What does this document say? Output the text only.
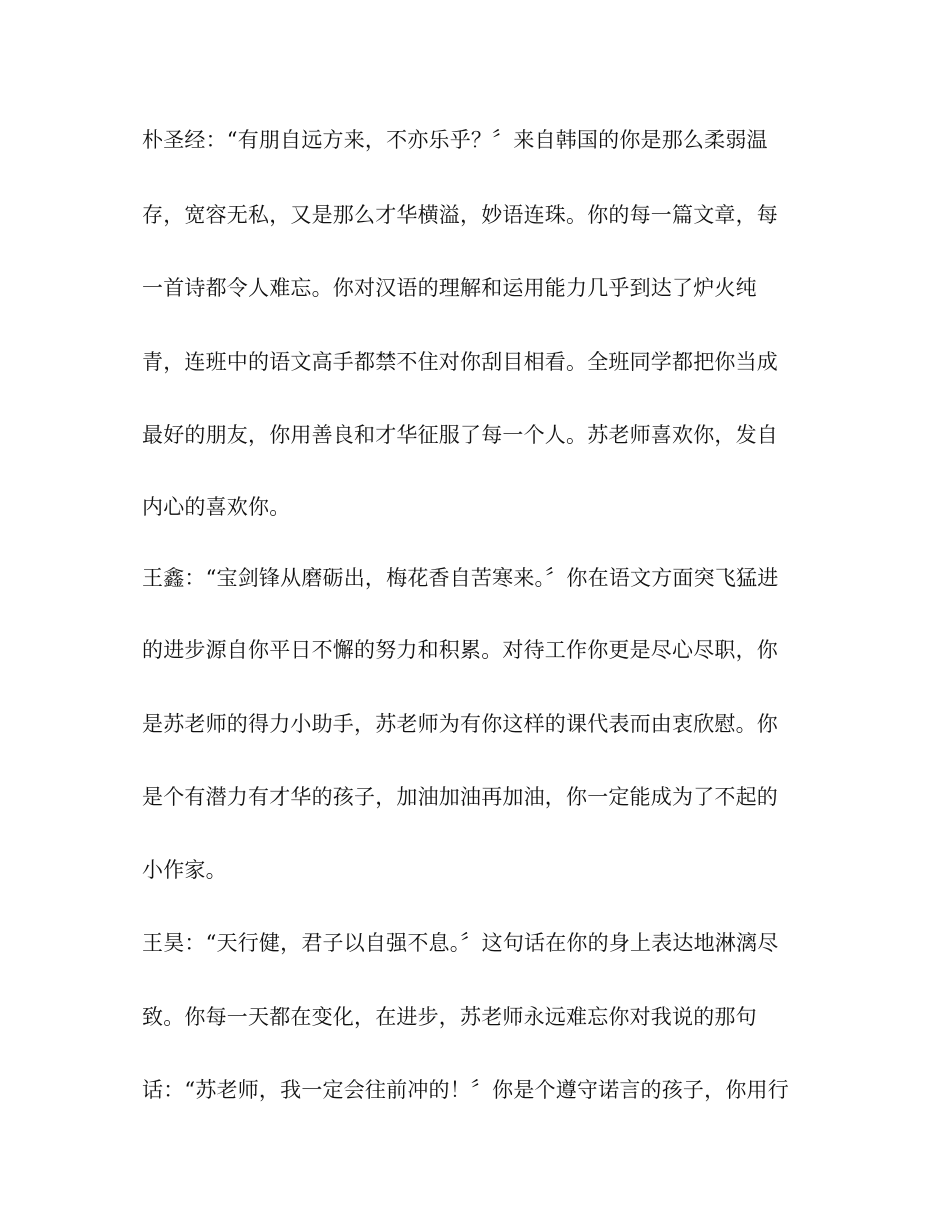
朴圣经：“有朋自远方来，不亦乐乎？〞来自韩国的你是那么柔弱温
存，宽容无私，又是那么才华横溢，妙语连珠。你的每一篇文章，每
一首诗都令人难忘。你对汉语的理解和运用能力几乎到达了炉火纯
青，连班中的语文高手都禁不住对你刮目相看。全班同学都把你当成
最好的朋友，你用善良和才华征服了每一个人。苏老师喜欢你，发自
内心的喜欢你。
王鑫：“宝剑锋从磨砺出，梅花香自苦寒来。〞你在语文方面突飞猛进
的进步源自你平日不懈的努力和积累。对待工作你更是尽心尽职，你
是苏老师的得力小助手，苏老师为有你这样的课代表而由衷欣慰。你
是个有潜力有才华的孩子，加油加油再加油，你一定能成为了不起的
小作家。
王昊：“天行健，君子以自强不息。〞这句话在你的身上表达地淋漓尽
致。你每一天都在变化，在进步，苏老师永远难忘你对我说的那句
话：“苏老师，我一定会往前冲的！〞你是个遵守诺言的孩子，你用行
